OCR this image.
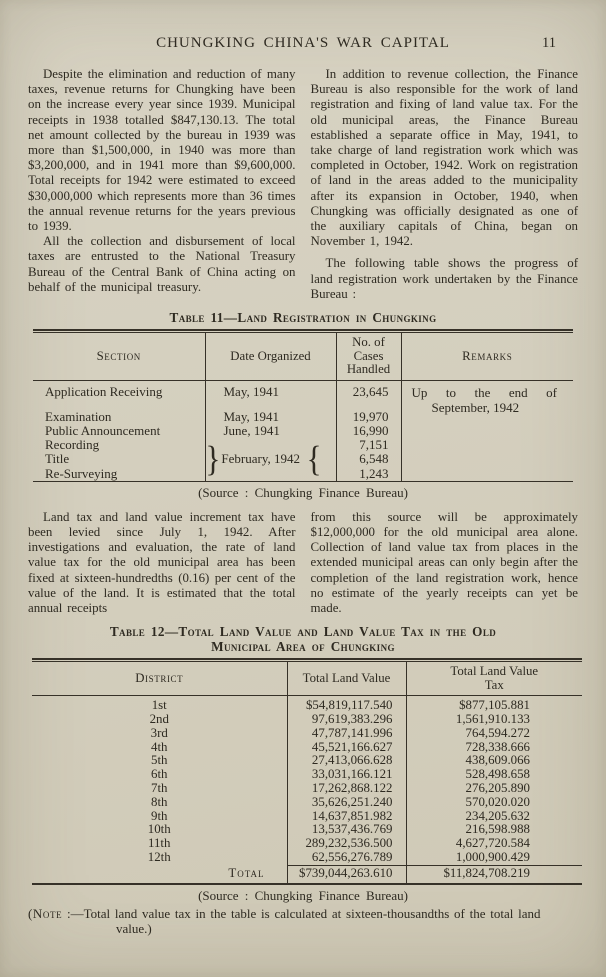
CHUNGKING CHINA'S WAR CAPITAL	11

Despite the elimination and reduction of many taxes, revenue returns for Chungking have been on the increase every year since 1939. Municipal receipts in 1938 totalled $847,130.13. The total net amount collected by the bureau in 1939 was more than $1,500,000, in 1940 was more than $3,200,000, and in 1941 more than $9,600,000. Total receipts for 1942 were estimated to exceed $30,000,000 which represents more than 36 times the annual revenue returns for the years previous to 1939.

All the collection and disbursement of local taxes are entrusted to the National Treasury Bureau of the Central Bank of China acting on behalf of the municipal treasury.

In addition to revenue collection, the Finance Bureau is also responsible for the work of land registration and fixing of land value tax. For the old municipal areas, the Finance Bureau established a separate office in May, 1941, to take charge of land registration work which was completed in October, 1942. Work on registration of land in the areas added to the municipality after its expansion in October, 1940, when Chungking was officially designated as one of the auxiliary capitals of China, began on November 1, 1942.

The following table shows the progress of land registration work undertaken by the Finance Bureau :

Table 11—Land Registration in Chungking
Section	Date Organized	No. of Cases Handled	Remarks
Application Receiving	May, 1941	23,645	Up to the end of September, 1942
Examination	May, 1941	19,970	
Public Announcement	June, 1941	16,990	
Recording	} February, 1942 {	7,151	
Title		6,548	
Re-Surveying		1,243	

(Source : Chungking Finance Bureau)

Land tax and land value increment tax have been levied since July 1, 1942. After investigations and evaluation, the rate of land value tax for the old municipal area has been fixed at sixteen-hundredths (0.16) per cent of the value of the land. It is estimated that the total annual receipts

from this source will be approximately $12,000,000 for the old municipal area alone. Collection of land value tax from places in the extended municipal areas can only begin after the completion of the land registration work, hence no estimate of the yearly receipts can yet be made.

Table 12—Total Land Value and Land Value Tax in the Old
Municipal Area of Chungking
District	Total Land Value	Total Land Value Tax

1st	$54,819,117.540	$877,105.881
2nd	97,619,383.296	1,561,910.133
3rd	47,787,141.996	764,594.272
4th	45,521,166.627	728,338.666
5th	27,413,066.628	438,609.066
6th	33,031,166.121	528,498.658
7th	17,262,868.122	276,205.890
8th	35,626,251.240	570,020.020
9th	14,637,851.982	234,205.632
10th	13,537,436.769	216,598.988
11th	289,232,536.500	4,627,720.584
12th	62,556,276.789	1,000,900.429
Total	$739,044,263.610	$11,824,708.219

(Source : Chungking Finance Bureau)

(Note :—Total land value tax in the table is calculated at sixteen-thousandths of the total land value.)
